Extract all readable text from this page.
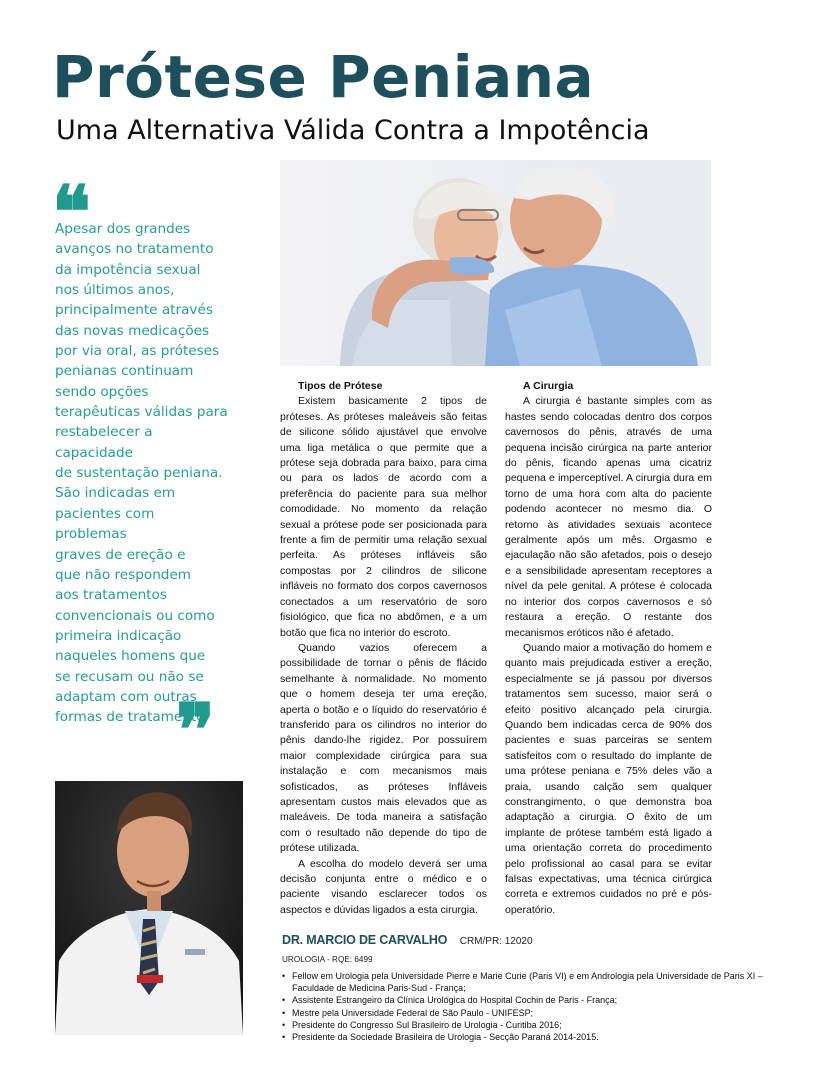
Prótese Peniana
Uma Alternativa Válida Contra a Impotência
❝

Apesar dos grandes
avanços no tratamento
da impotência sexual
nos últimos anos,
principalmente através
das novas medicações
por via oral, as próteses
penianas continuam
sendo opções
terapêuticas válidas para
restabelecer a capacidade
de sustentação peniana.
São indicadas em
pacientes com problemas
graves de ereção e
que não respondem
aos tratamentos
convencionais ou como
primeira indicação
naqueles homens que
se recusam ou não se
adaptam com outras
formas de tratamento.

❞
Tipos de Prótese

Existem basicamente 2 tipos de próteses. As próteses maleáveis são feitas de silicone sólido ajustável que envolve uma liga metálica o que permite que a prótese seja dobrada para baixo, para cima ou para os lados de acordo com a preferência do paciente para sua melhor comodidade. No momento da relação sexual a prótese pode ser posicionada para frente a fim de permitir uma relação sexual perfeita. As próteses infláveis são compostas por 2 cilindros de silicone infláveis no formato dos corpos cavernosos conectados a um reservatório de soro fisiológico, que fica no abdômen, e a um botão que fica no interior do escroto.

Quando vazios oferecem a possibilidade de tornar o pênis de flácido semelhante à normalidade. No momento que o homem deseja ter uma ereção, aperta o botão e o líquido do reservatório é transferido para os cilindros no interior do pênis dando-lhe rigidez. Por possuírem maior complexidade cirúrgica para sua instalação e com mecanismos mais sofisticados, as próteses Infláveis apresentam custos mais elevados que as maleáveis. De toda maneira a satisfação com o resultado não depende do tipo de prótese utilizada.

A escolha do modelo deverá ser uma decisão conjunta entre o médico e o paciente visando esclarecer todos os aspectos e dúvidas ligados a esta cirurgia.

A Cirurgia

A cirurgia é bastante simples com as hastes sendo colocadas dentro dos corpos cavernosos do pênis, através de uma pequena incisão cirúrgica na parte anterior do pênis, ficando apenas uma cicatriz pequena e imperceptível. A cirurgia dura em torno de uma hora com alta do paciente podendo acontecer no mesmo dia. O retorno às atividades sexuais acontece geralmente após um mês. Orgasmo e ejaculação não são afetados, pois o desejo e a sensibilidade apresentam receptores a nível da pele genital. A prótese é colocada no interior dos corpos cavernosos e só restaura a ereção. O restante dos mecanismos eróticos não é afetado.

Quando maior a motivação do homem e quanto mais prejudicada estiver a ereção, especialmente se já passou por diversos tratamentos sem sucesso, maior será o efeito positivo alcançado pela cirurgia. Quando bem indicadas cerca de 90% dos pacientes e suas parceiras se sentem satisfeitos com o resultado do implante de uma prótese peniana e 75% deles vão a praia, usando calção sem qualquer constrangimento, o que demonstra boa adaptação a cirurgia. O êxito de um implante de prótese também está ligado a uma orientação correta do procedimento pelo profissional ao casal para se evitar falsas expectativas, uma técnica cirúrgica correta e extremos cuidados no pré e pós-operatório.

DR. MARCIO DE CARVALHO CRM/PR: 12020
UROLOGIA - RQE: 6499
• Fellow em Urologia pela Universidade Pierre e Marie Curie (Paris VI) e em Andrologia pela Universidade de Paris XI – Faculdade de Medicina Paris-Sud - França;
• Assistente Estrangeiro da Clínica Urológica do Hospital Cochin de Paris - França;
• Mestre pela Universidade Federal de São Paulo - UNIFESP;
• Presidente do Congresso Sul Brasileiro de Urologia - Curitiba 2016;
• Presidente da Sociedade Brasileira de Urologia - Secção Paraná 2014-2015.
